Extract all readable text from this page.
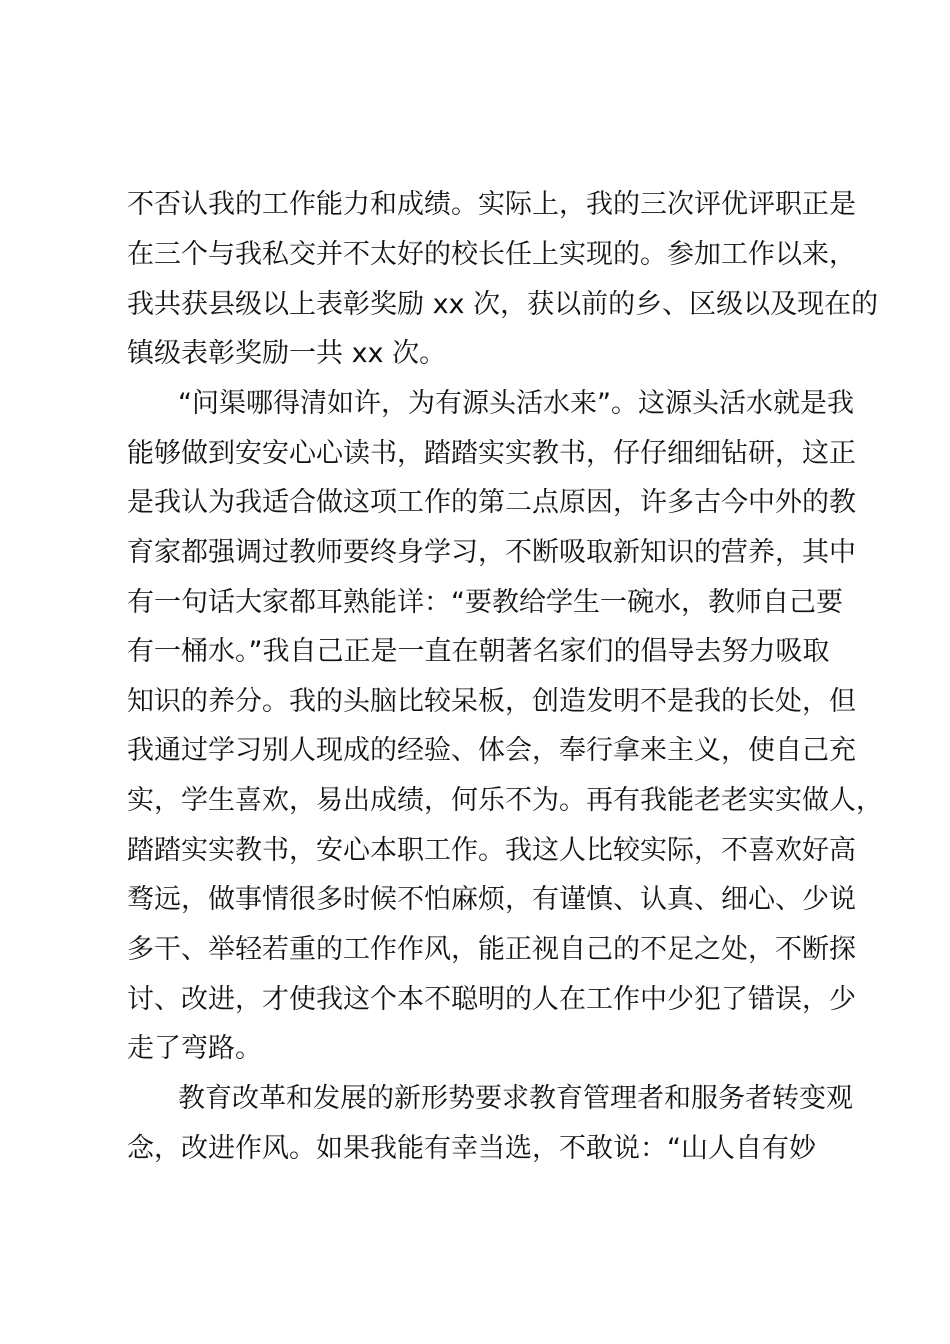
不否认我的工作能力和成绩。实际上，我的三次评优评职正是
在三个与我私交并不太好的校长任上实现的。参加工作以来，
我共获县级以上表彰奖励 xx 次，获以前的乡、区级以及现在的
镇级表彰奖励一共 xx 次。
“问渠哪得清如许，为有源头活水来”。这源头活水就是我
能够做到安安心心读书，踏踏实实教书，仔仔细细钻研，这正
是我认为我适合做这项工作的第二点原因，许多古今中外的教
育家都强调过教师要终身学习，不断吸取新知识的营养，其中
有一句话大家都耳熟能详：“要教给学生一碗水，教师自己要
有一桶水。”我自己正是一直在朝著名家们的倡导去努力吸取
知识的养分。我的头脑比较呆板，创造发明不是我的长处，但
我通过学习别人现成的经验、体会，奉行拿来主义，使自己充
实，学生喜欢，易出成绩，何乐不为。再有我能老老实实做人，
踏踏实实教书，安心本职工作。我这人比较实际，不喜欢好高
骛远，做事情很多时候不怕麻烦，有谨慎、认真、细心、少说
多干、举轻若重的工作作风，能正视自己的不足之处，不断探
讨、改进，才使我这个本不聪明的人在工作中少犯了错误，少
走了弯路。
教育改革和发展的新形势要求教育管理者和服务者转变观
念，改进作风。如果我能有幸当选，不敢说：“山人自有妙
